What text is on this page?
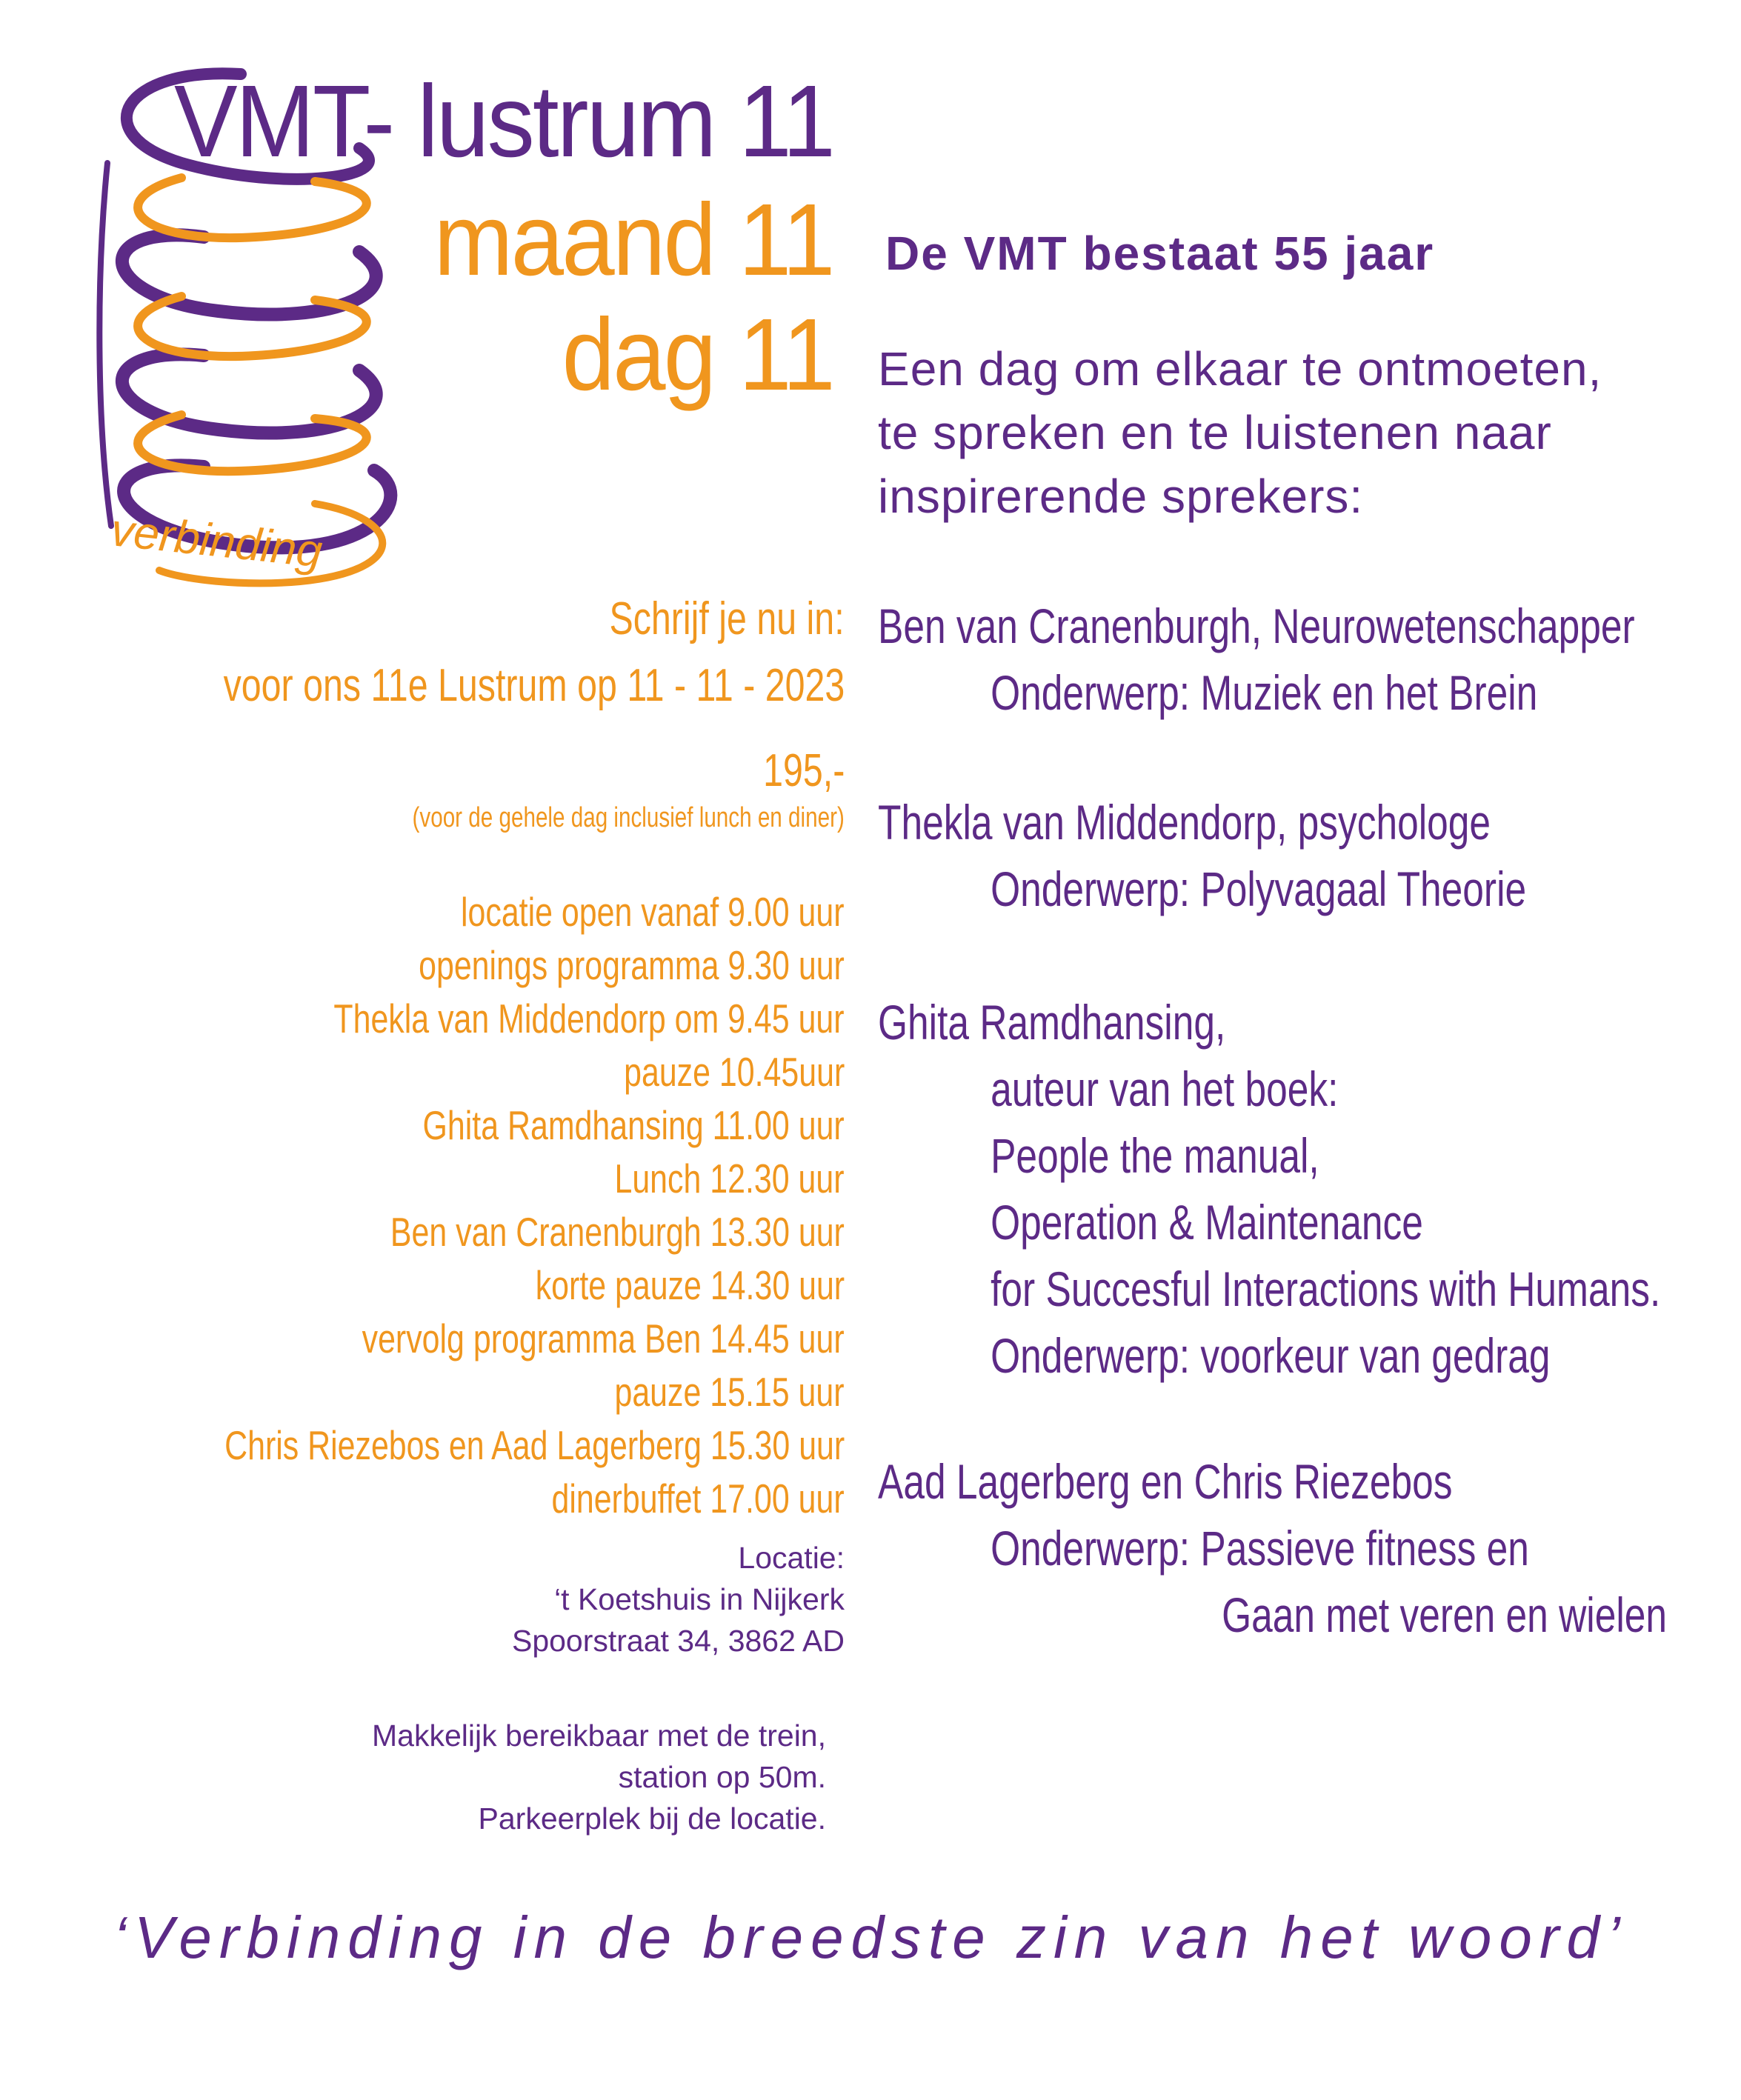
verbinding
VMT- lustrum 11
maand 11
dag 11
Schrijf je nu in:
voor ons 11e Lustrum op 11 - 11 - 2023
195,-
(voor de gehele dag inclusief lunch en diner)
locatie open vanaf 9.00 uur
openings programma 9.30 uur
Thekla van Middendorp om 9.45 uur
pauze 10.45uur
Ghita Ramdhansing 11.00 uur
Lunch 12.30 uur
Ben van Cranenburgh 13.30 uur
korte pauze 14.30 uur
vervolg programma Ben 14.45 uur
pauze 15.15 uur
Chris Riezebos en Aad Lagerberg 15.30 uur
dinerbuffet 17.00 uur
Locatie:
‘t Koetshuis in Nijkerk
Spoorstraat 34, 3862 AD
Makkelijk bereikbaar met de trein,
station op 50m.
Parkeerplek bij de locatie.
De VMT bestaat 55 jaar
Een dag om elkaar te ontmoeten,
te spreken en te luistenen naar
inspirerende sprekers:
Ben van Cranenburgh, Neurowetenschapper
Onderwerp: Muziek en het Brein
Thekla van Middendorp, psychologe
Onderwerp: Polyvagaal Theorie
Ghita Ramdhansing,
auteur van het boek:
People the manual,
Operation & Maintenance
for Succesful Interactions with Humans.
Onderwerp: voorkeur van gedrag
Aad Lagerberg en Chris Riezebos
Onderwerp: Passieve fitness en
Gaan met veren en wielen
‘Verbinding in de breedste zin van het woord’
